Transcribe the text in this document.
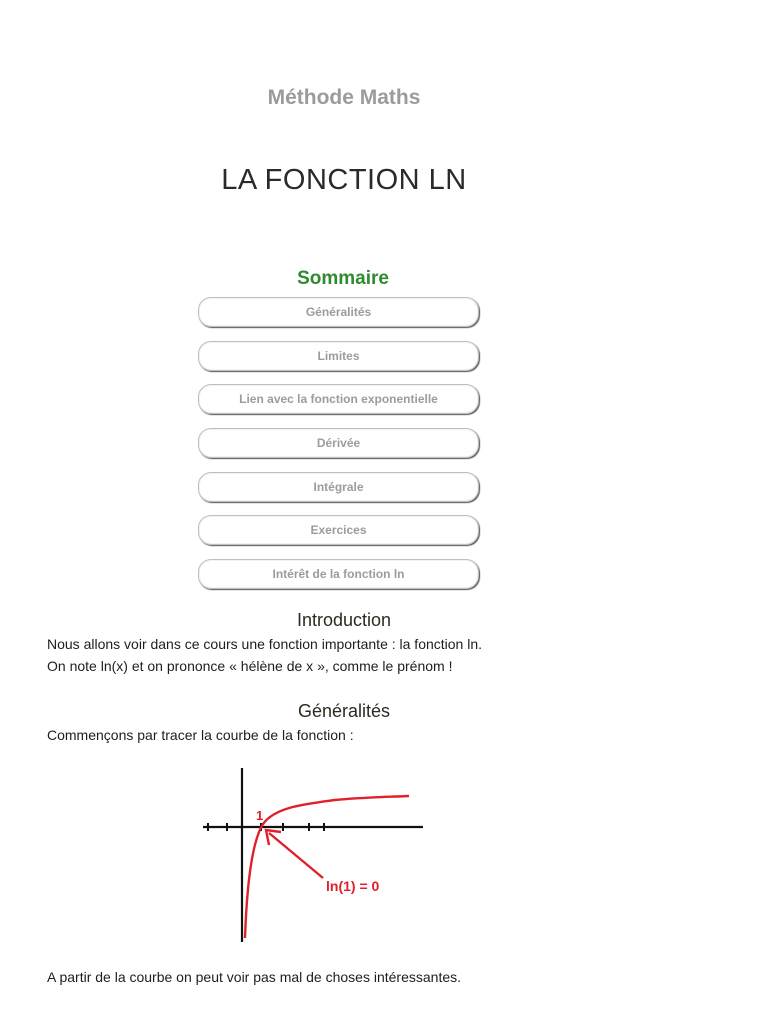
Méthode Maths
LA FONCTION LN
Sommaire
Généralités
Limites
Lien avec la fonction exponentielle
Dérivée
Intégrale
Exercices
Intérêt de la fonction ln
Introduction

Nous allons voir dans ce cours une fonction importante : la fonction ln.

On note ln(x) et on prononce « hélène de x », comme le prénom !

Généralités

Commençons par tracer la courbe de la fonction :

1
ln(1) = 0

A partir de la courbe on peut voir pas mal de choses intéressantes.
